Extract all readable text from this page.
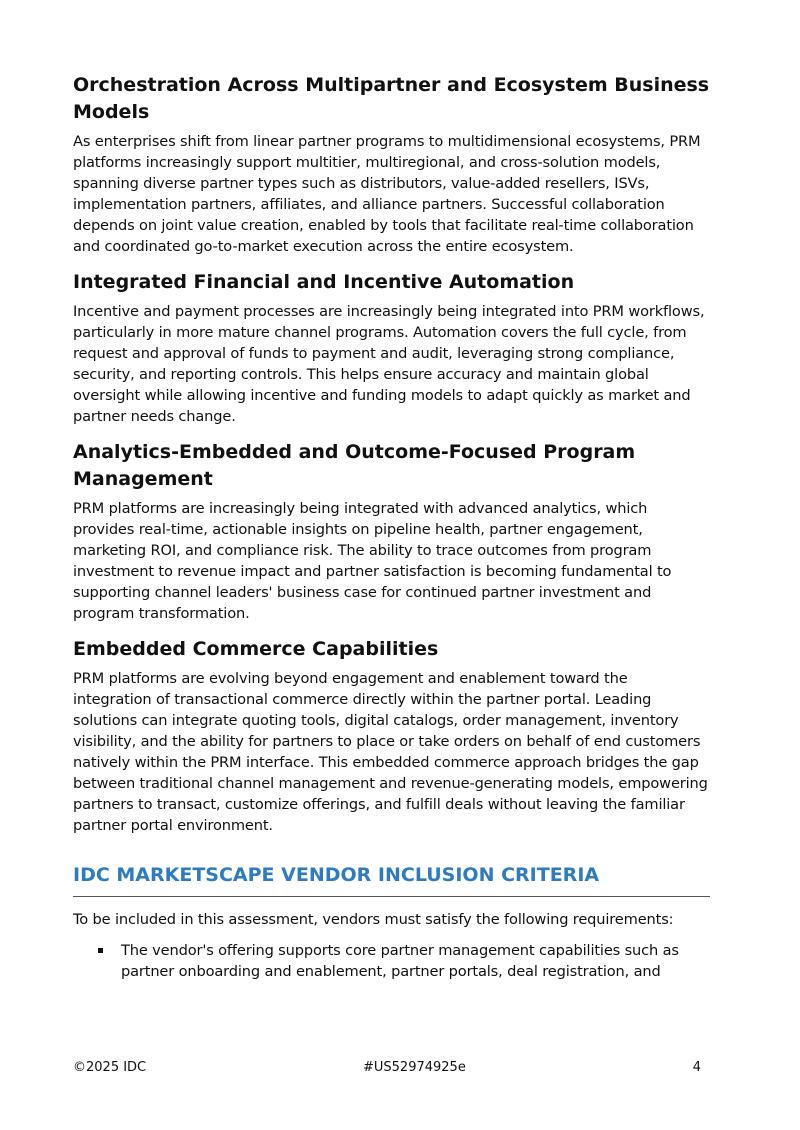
Orchestration Across Multipartner and Ecosystem Business Models

As enterprises shift from linear partner programs to multidimensional ecosystems, PRM platforms increasingly support multitier, multiregional, and cross-solution models, spanning diverse partner types such as distributors, value-added resellers, ISVs, implementation partners, affiliates, and alliance partners. Successful collaboration depends on joint value creation, enabled by tools that facilitate real-time collaboration and coordinated go-to-market execution across the entire ecosystem.

Integrated Financial and Incentive Automation

Incentive and payment processes are increasingly being integrated into PRM workflows, particularly in more mature channel programs. Automation covers the full cycle, from request and approval of funds to payment and audit, leveraging strong compliance, security, and reporting controls. This helps ensure accuracy and maintain global oversight while allowing incentive and funding models to adapt quickly as market and partner needs change.

Analytics-Embedded and Outcome-Focused Program Management

PRM platforms are increasingly being integrated with advanced analytics, which provides real-time, actionable insights on pipeline health, partner engagement, marketing ROI, and compliance risk. The ability to trace outcomes from program investment to revenue impact and partner satisfaction is becoming fundamental to supporting channel leaders' business case for continued partner investment and program transformation.

Embedded Commerce Capabilities

PRM platforms are evolving beyond engagement and enablement toward the integration of transactional commerce directly within the partner portal. Leading solutions can integrate quoting tools, digital catalogs, order management, inventory visibility, and the ability for partners to place or take orders on behalf of end customers natively within the PRM interface. This embedded commerce approach bridges the gap between traditional channel management and revenue-generating models, empowering partners to transact, customize offerings, and fulfill deals without leaving the familiar partner portal environment.

IDC MARKETSCAPE VENDOR INCLUSION CRITERIA

To be included in this assessment, vendors must satisfy the following requirements:

The vendor's offering supports core partner management capabilities such as partner onboarding and enablement, partner portals, deal registration, and
©2025 IDC	#US52974925e	4
